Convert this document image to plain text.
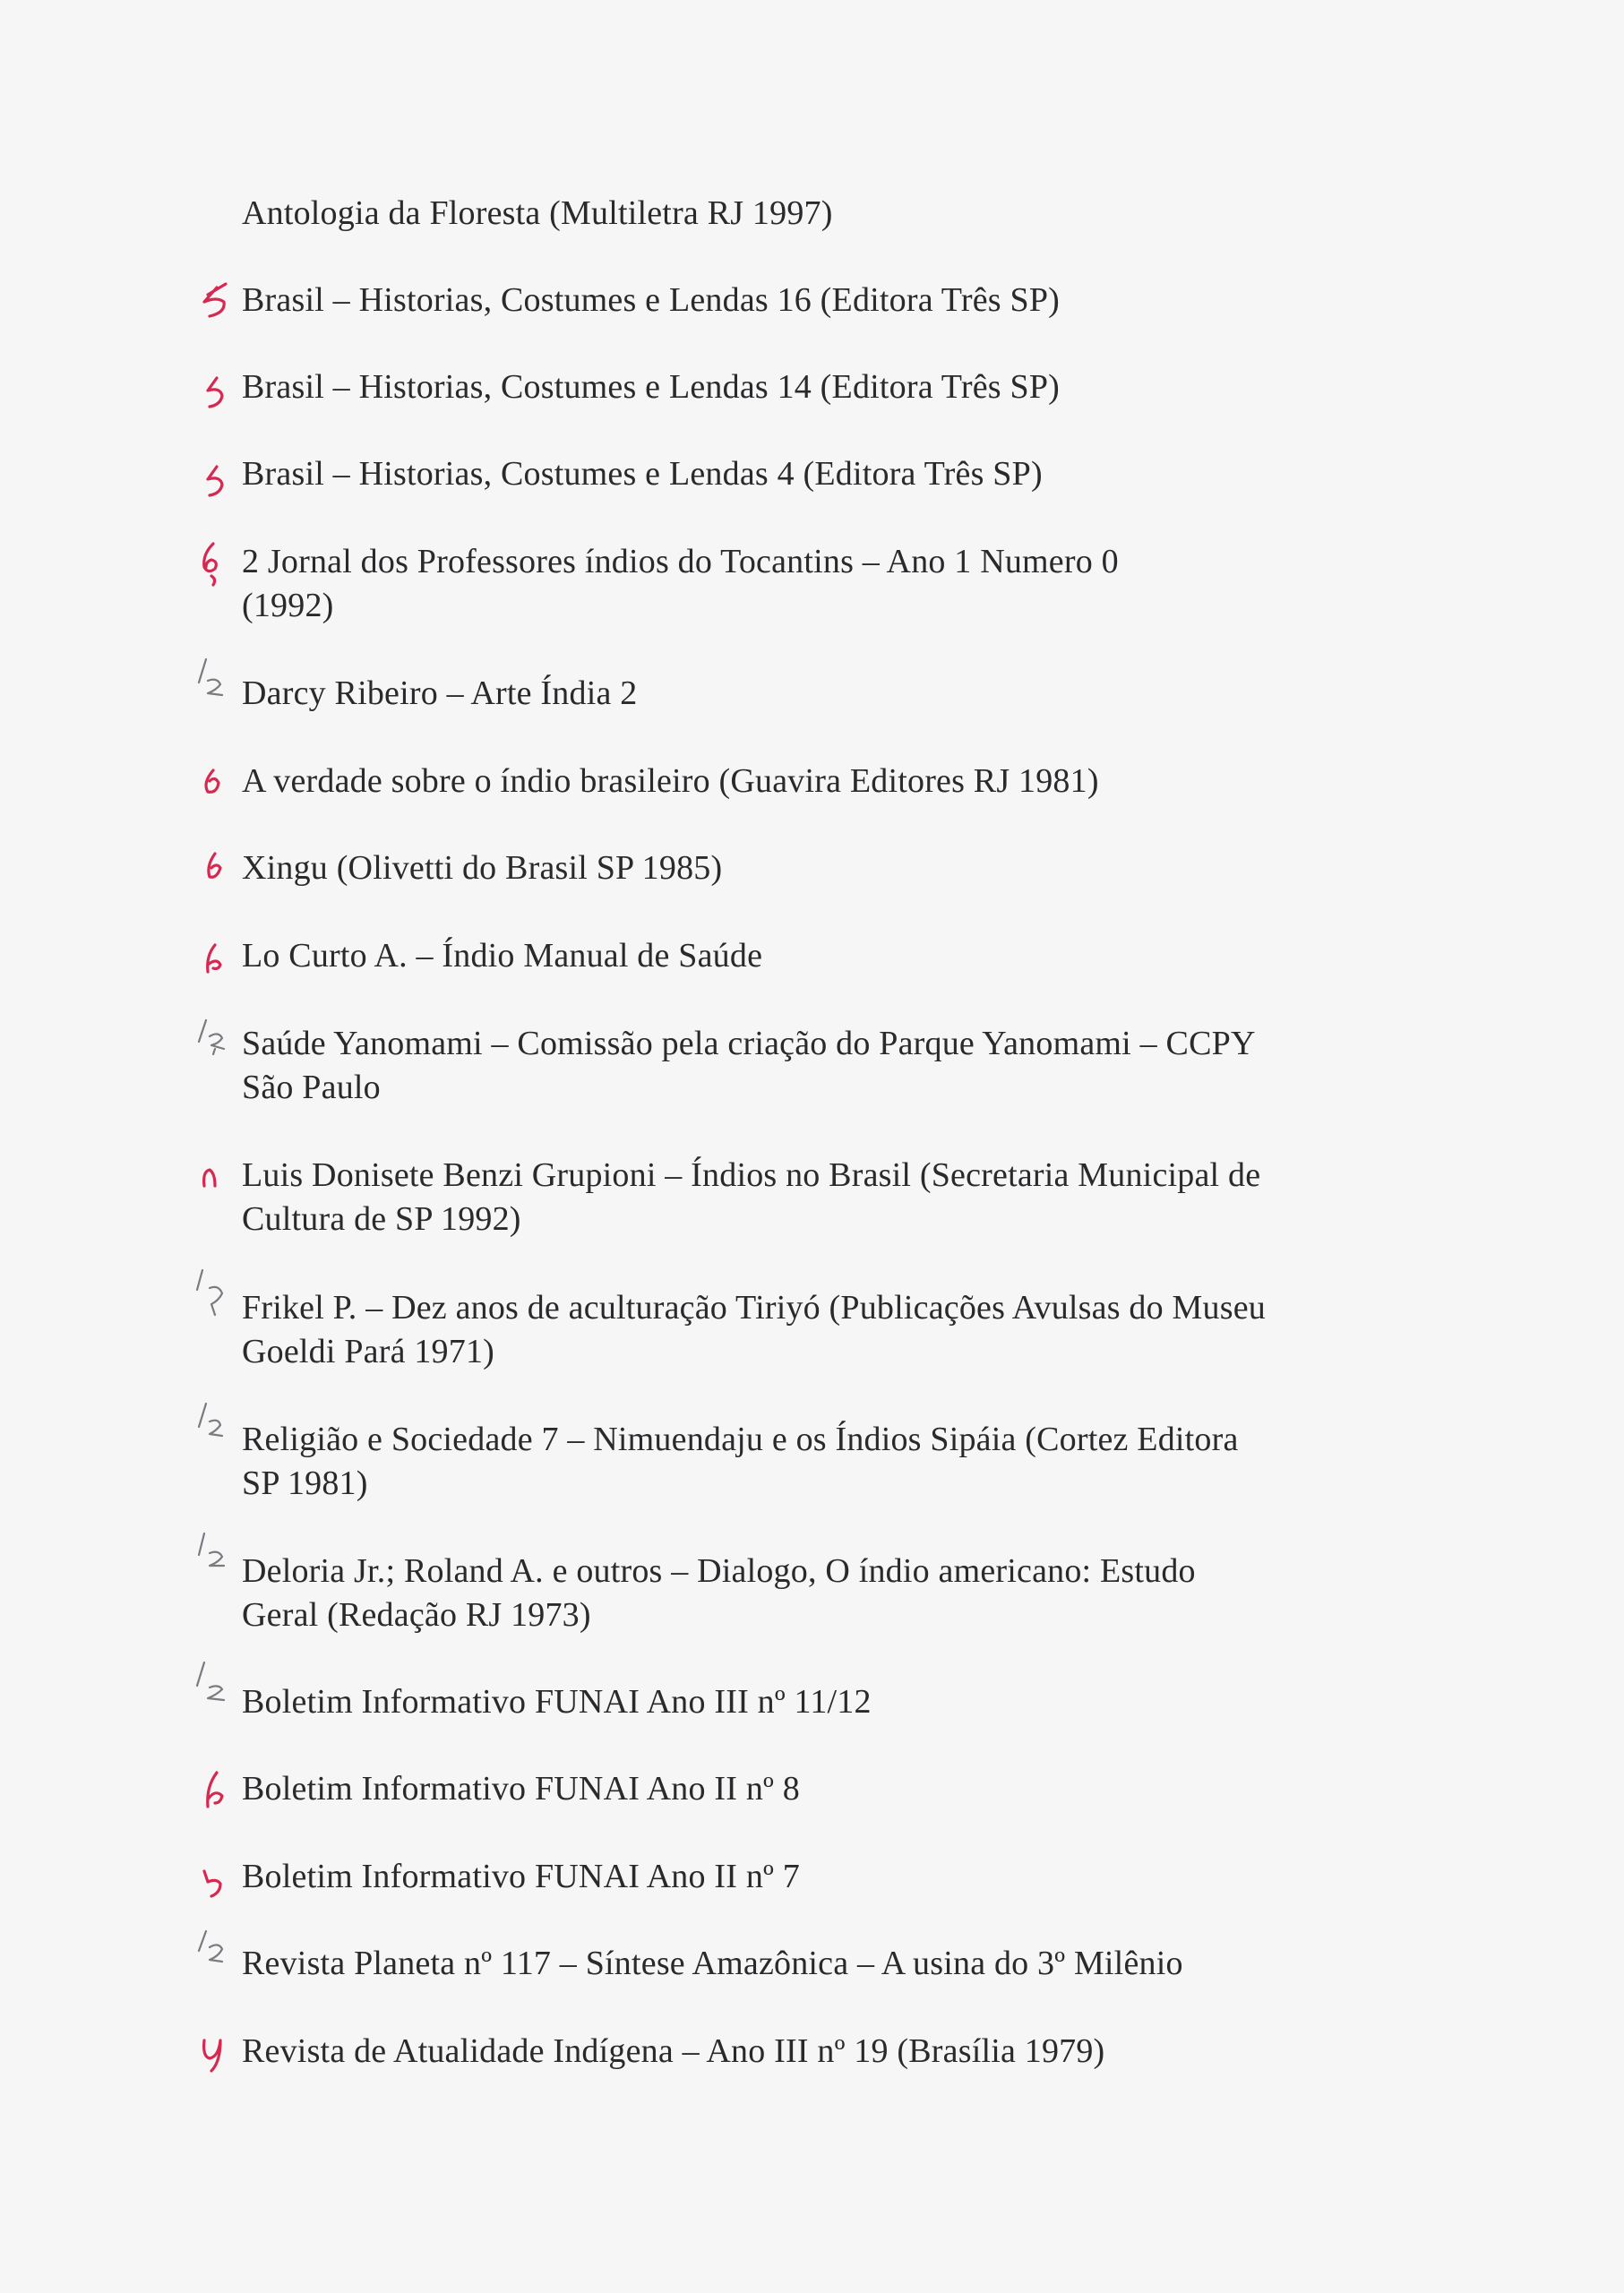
Antologia da Floresta (Multiletra RJ 1997)
Brasil – Historias, Costumes e Lendas 16 (Editora Três SP)
Brasil – Historias, Costumes e Lendas 14 (Editora Três SP)
Brasil – Historias, Costumes e Lendas 4 (Editora Três SP)
2 Jornal dos Professores índios do Tocantins – Ano 1 Numero 0
(1992)
Darcy Ribeiro – Arte Índia 2
A verdade sobre o índio brasileiro (Guavira Editores RJ 1981)
Xingu (Olivetti do Brasil SP 1985)
Lo Curto A. – Índio Manual de Saúde
Saúde Yanomami – Comissão pela criação do Parque Yanomami – CCPY
São Paulo
Luis Donisete Benzi Grupioni – Índios no Brasil (Secretaria Municipal de
Cultura de SP 1992)
Frikel P. – Dez anos de aculturação Tiriyó (Publicações Avulsas do Museu
Goeldi Pará 1971)
Religião e Sociedade 7 – Nimuendaju e os Índios Sipáia (Cortez Editora
SP 1981)
Deloria Jr.; Roland A. e outros – Dialogo, O índio americano: Estudo
Geral (Redação RJ 1973)
Boletim Informativo FUNAI Ano III nº 11/12
Boletim Informativo FUNAI Ano II nº 8
Boletim Informativo FUNAI Ano II nº 7
Revista Planeta nº 117 – Síntese Amazônica – A usina do 3º Milênio
Revista de Atualidade Indígena – Ano III nº 19 (Brasília 1979)
